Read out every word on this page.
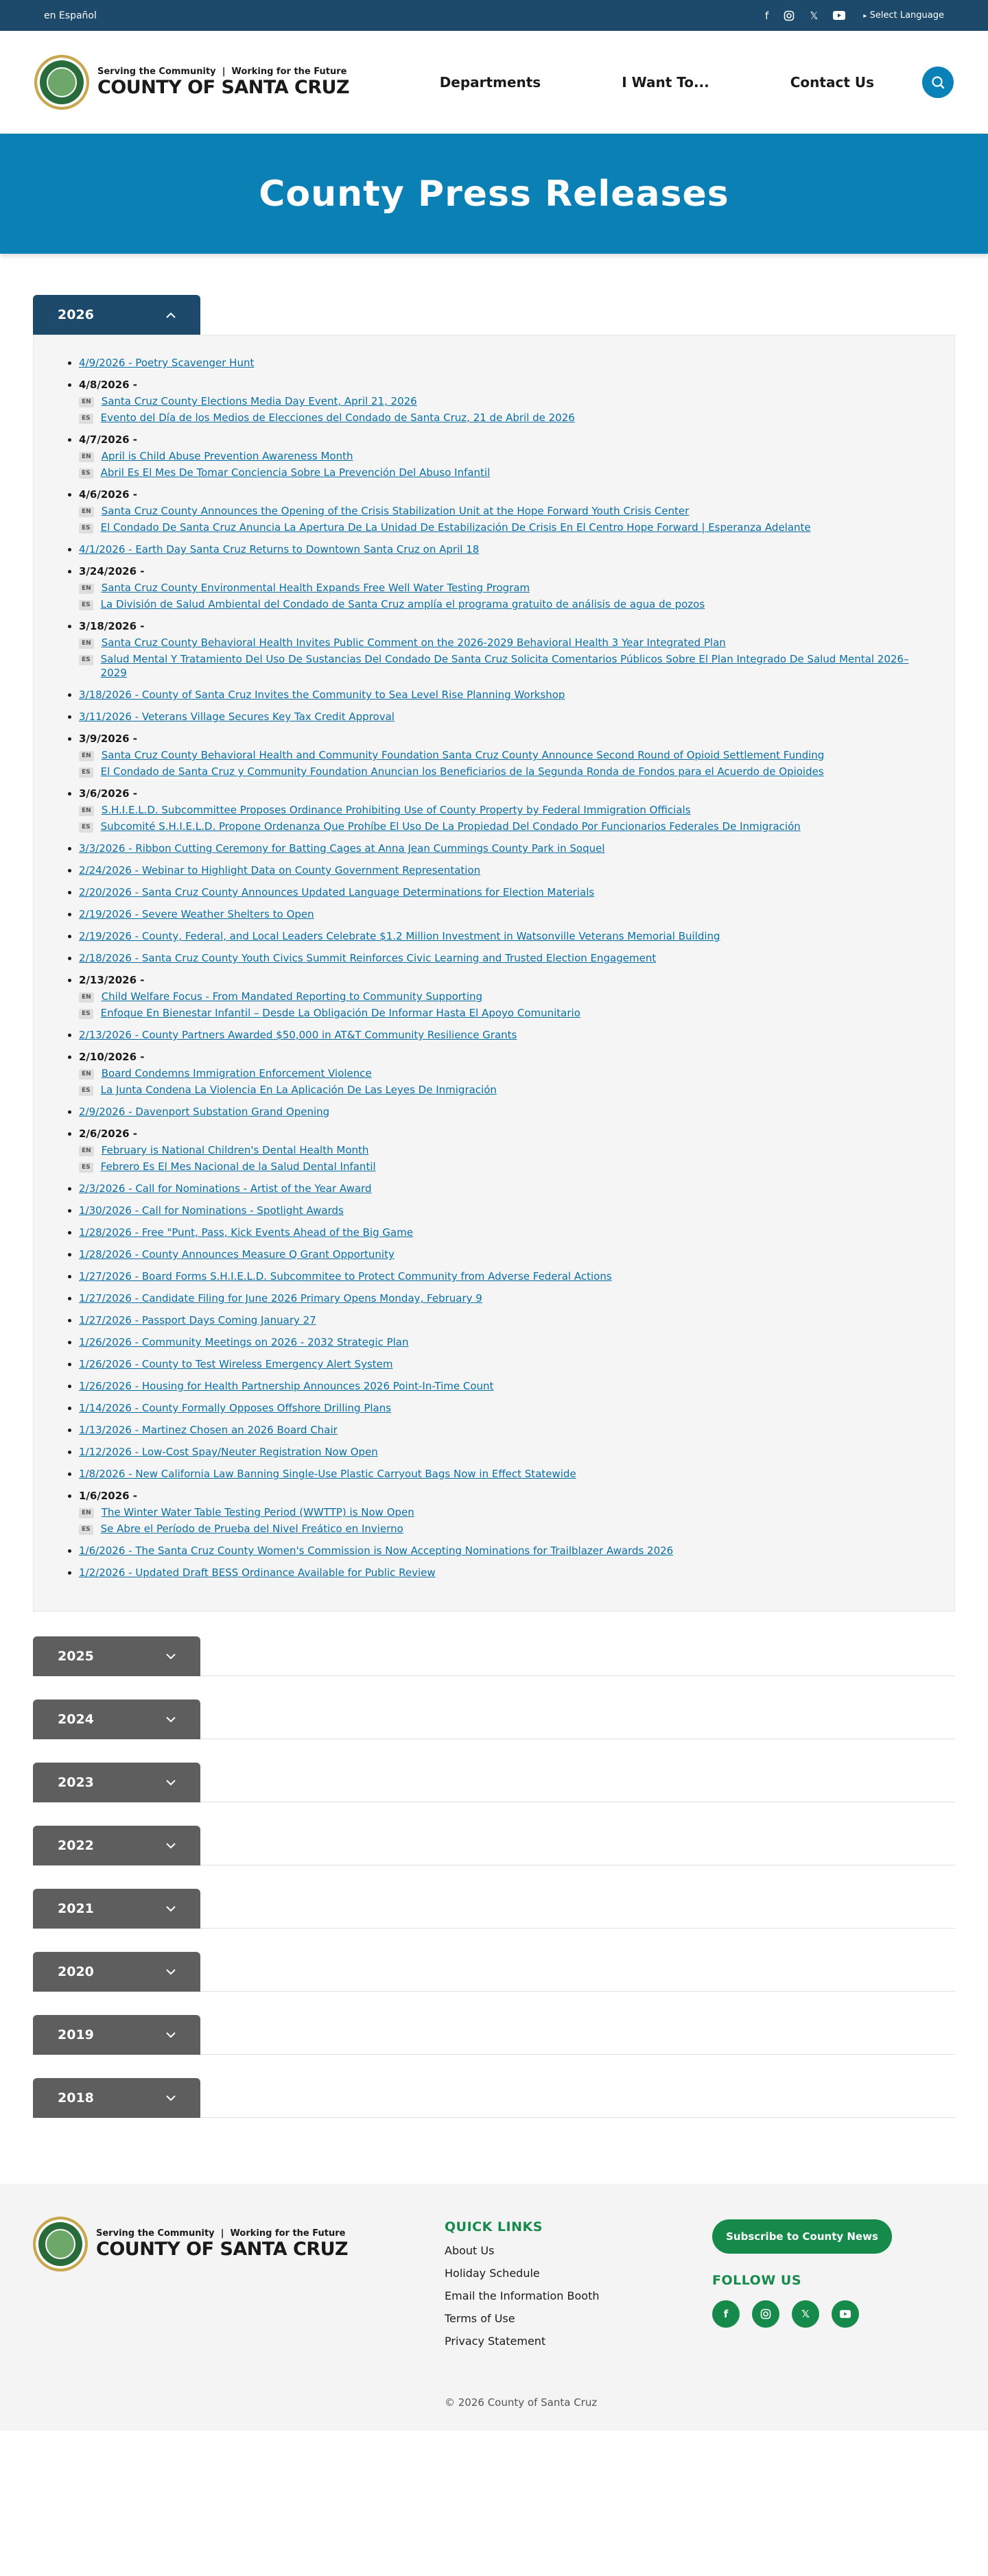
en Español	f	𝕏	▸ Select Language
Serving the Community | Working for the Future
COUNTY OF SANTA CRUZ	Departments	I Want To...	Contact Us
County Press Releases
2026
• 4/9/2026 - Poetry Scavenger Hunt
• 4/8/2026 -
EN Santa Cruz County Elections Media Day Event, April 21, 2026
ES Evento del Día de los Medios de Elecciones del Condado de Santa Cruz, 21 de Abril de 2026
• 4/7/2026 -
EN April is Child Abuse Prevention Awareness Month
ES Abril Es El Mes De Tomar Conciencia Sobre La Prevención Del Abuso Infantil
• 4/6/2026 -
EN Santa Cruz County Announces the Opening of the Crisis Stabilization Unit at the Hope Forward Youth Crisis Center
ES El Condado De Santa Cruz Anuncia La Apertura De La Unidad De Estabilización De Crisis En El Centro Hope Forward | Esperanza Adelante
• 4/1/2026 - Earth Day Santa Cruz Returns to Downtown Santa Cruz on April 18
• 3/24/2026 -
EN Santa Cruz County Environmental Health Expands Free Well Water Testing Program
ES La División de Salud Ambiental del Condado de Santa Cruz amplía el programa gratuito de análisis de agua de pozos
• 3/18/2026 -
EN Santa Cruz County Behavioral Health Invites Public Comment on the 2026-2029 Behavioral Health 3 Year Integrated Plan
ES Salud Mental Y Tratamiento Del Uso De Sustancias Del Condado De Santa Cruz Solicita Comentarios Públicos Sobre El Plan Integrado De Salud Mental 2026–2029
• 3/18/2026 - County of Santa Cruz Invites the Community to Sea Level Rise Planning Workshop
• 3/11/2026 - Veterans Village Secures Key Tax Credit Approval
• 3/9/2026 -
EN Santa Cruz County Behavioral Health and Community Foundation Santa Cruz County Announce Second Round of Opioid Settlement Funding
ES El Condado de Santa Cruz y Community Foundation Anuncian los Beneficiarios de la Segunda Ronda de Fondos para el Acuerdo de Opioides
• 3/6/2026 -
EN S.H.I.E.L.D. Subcommittee Proposes Ordinance Prohibiting Use of County Property by Federal Immigration Officials
ES Subcomité S.H.I.E.L.D. Propone Ordenanza Que Prohíbe El Uso De La Propiedad Del Condado Por Funcionarios Federales De Inmigración
• 3/3/2026 - Ribbon Cutting Ceremony for Batting Cages at Anna Jean Cummings County Park in Soquel
• 2/24/2026 - Webinar to Highlight Data on County Government Representation
• 2/20/2026 - Santa Cruz County Announces Updated Language Determinations for Election Materials
• 2/19/2026 - Severe Weather Shelters to Open
• 2/19/2026 - County, Federal, and Local Leaders Celebrate $1.2 Million Investment in Watsonville Veterans Memorial Building
• 2/18/2026 - Santa Cruz County Youth Civics Summit Reinforces Civic Learning and Trusted Election Engagement
• 2/13/2026 -
EN Child Welfare Focus - From Mandated Reporting to Community Supporting
ES Enfoque En Bienestar Infantil – Desde La Obligación De Informar Hasta El Apoyo Comunitario
• 2/13/2026 - County Partners Awarded $50,000 in AT&T Community Resilience Grants
• 2/10/2026 -
EN Board Condemns Immigration Enforcement Violence
ES La Junta Condena La Violencia En La Aplicación De Las Leyes De Inmigración
• 2/9/2026 - Davenport Substation Grand Opening
• 2/6/2026 -
EN February is National Children's Dental Health Month
ES Febrero Es El Mes Nacional de la Salud Dental Infantil
• 2/3/2026 - Call for Nominations - Artist of the Year Award
• 1/30/2026 - Call for Nominations - Spotlight Awards
• 1/28/2026 - Free "Punt, Pass, Kick Events Ahead of the Big Game
• 1/28/2026 - County Announces Measure Q Grant Opportunity
• 1/27/2026 - Board Forms S.H.I.E.L.D. Subcommitee to Protect Community from Adverse Federal Actions
• 1/27/2026 - Candidate Filing for June 2026 Primary Opens Monday, February 9
• 1/27/2026 - Passport Days Coming January 27
• 1/26/2026 - Community Meetings on 2026 - 2032 Strategic Plan
• 1/26/2026 - County to Test Wireless Emergency Alert System
• 1/26/2026 - Housing for Health Partnership Announces 2026 Point-In-Time Count
• 1/14/2026 - County Formally Opposes Offshore Drilling Plans
• 1/13/2026 - Martinez Chosen an 2026 Board Chair
• 1/12/2026 - Low-Cost Spay/Neuter Registration Now Open
• 1/8/2026 - New California Law Banning Single-Use Plastic Carryout Bags Now in Effect Statewide
• 1/6/2026 -
EN The Winter Water Table Testing Period (WWTTP) is Now Open
ES Se Abre el Período de Prueba del Nivel Freático en Invierno
• 1/6/2026 - The Santa Cruz County Women's Commission is Now Accepting Nominations for Trailblazer Awards 2026
• 1/2/2026 - Updated Draft BESS Ordinance Available for Public Review
2025
2024
2023
2022
2021
2020
2019
2018
Serving the Community | Working for the Future
COUNTY OF SANTA CRUZ
QUICK LINKS
About Us
Holiday Schedule
Email the Information Booth
Terms of Use
Privacy Statement
© 2026 County of Santa Cruz
Subscribe to County News
FOLLOW US
f	𝕏
